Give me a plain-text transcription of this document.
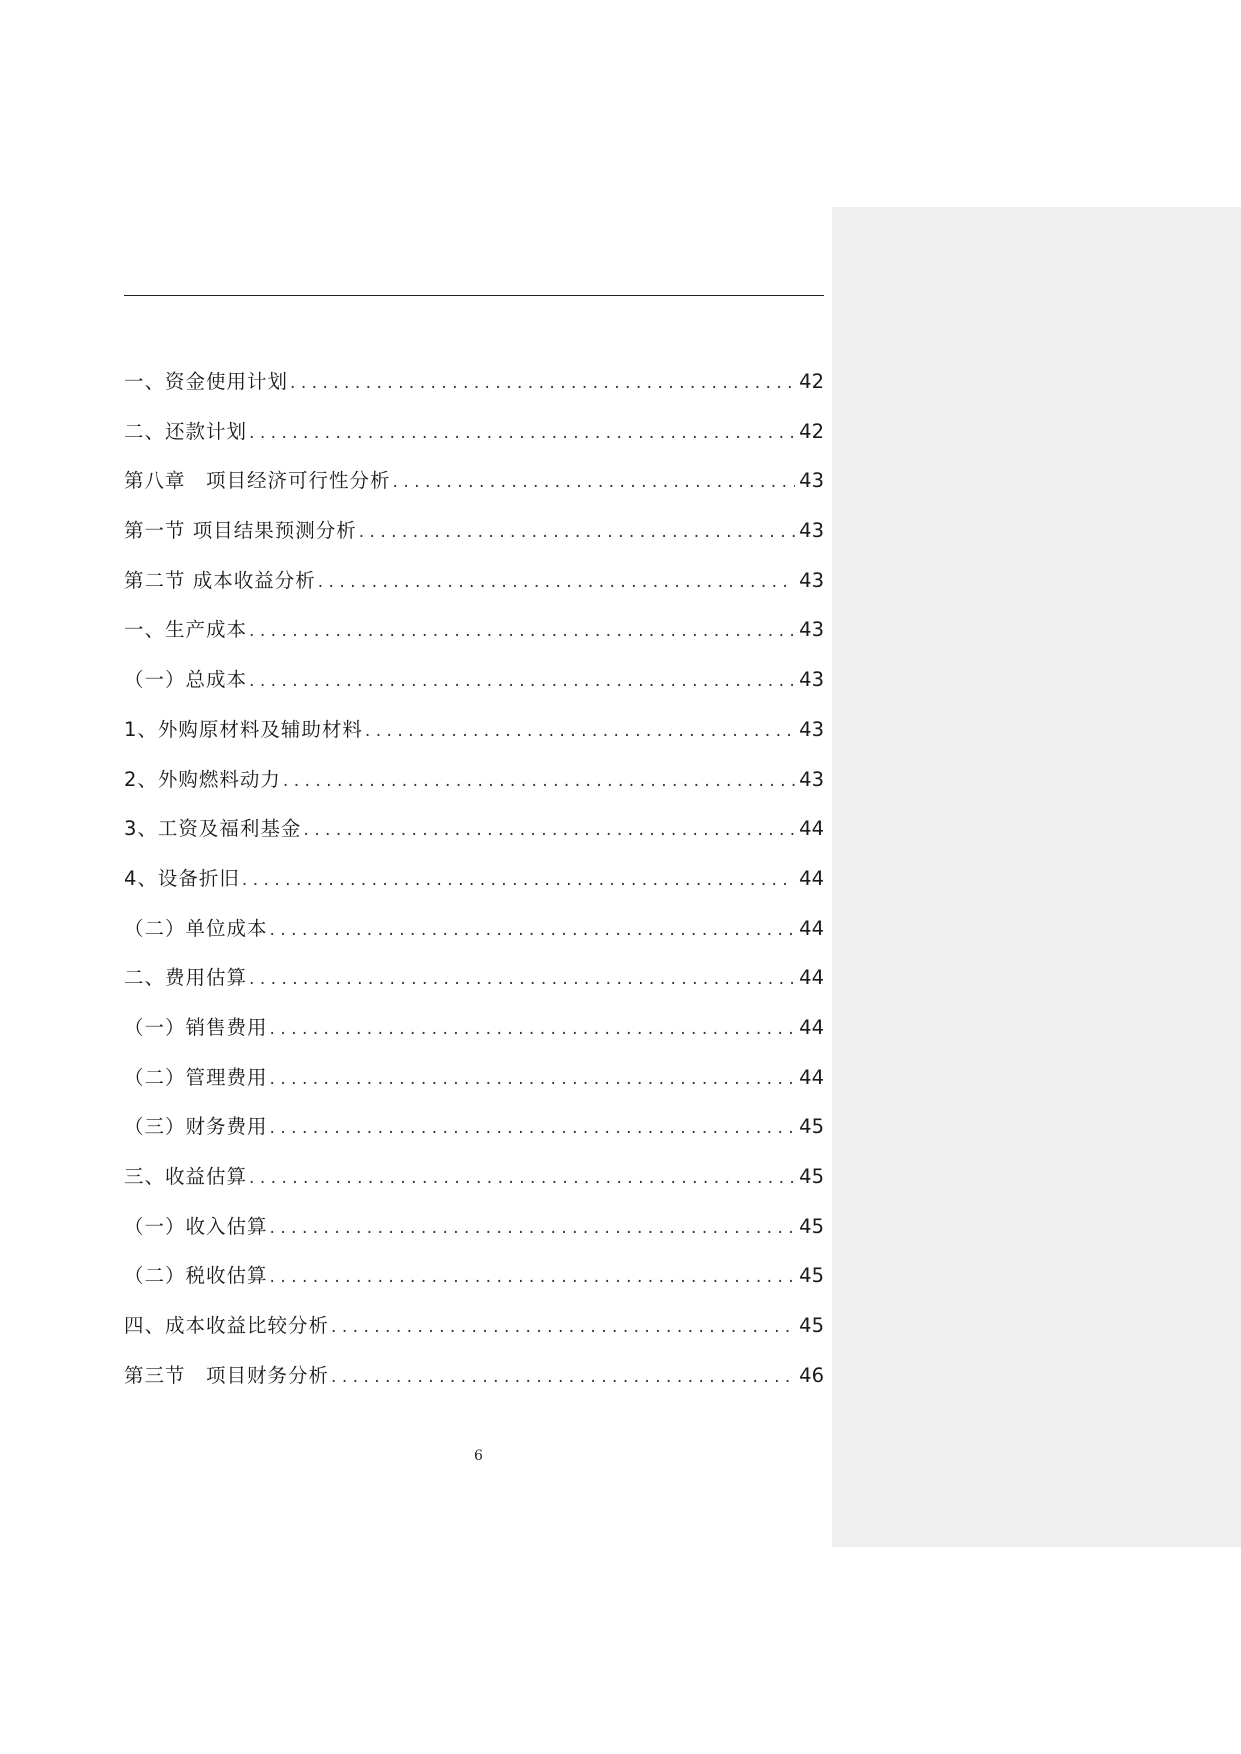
一、资金使用计划 . . .	42
二、还款计划 . . .	42
第八章　项目经济可行性分析 . . .	43
第一节 项目结果预测分析 . . .	43
第二节 成本收益分析 . . .	43
一、生产成本 . . .	43
（一）总成本 . . .	43
1、外购原材料及辅助材料 . . .	43
2、外购燃料动力 . . .	43
3、工资及福利基金 . . .	44
4、设备折旧 . . .	44
（二）单位成本 . . .	44
二、费用估算 . . .	44
（一）销售费用 . . .	44
（二）管理费用 . . .	44
（三）财务费用 . . .	45
三、收益估算 . . .	45
（一）收入估算 . . .	45
（二）税收估算 . . .	45
四、成本收益比较分析 . . .	45
第三节　项目财务分析 . . .	46
6
